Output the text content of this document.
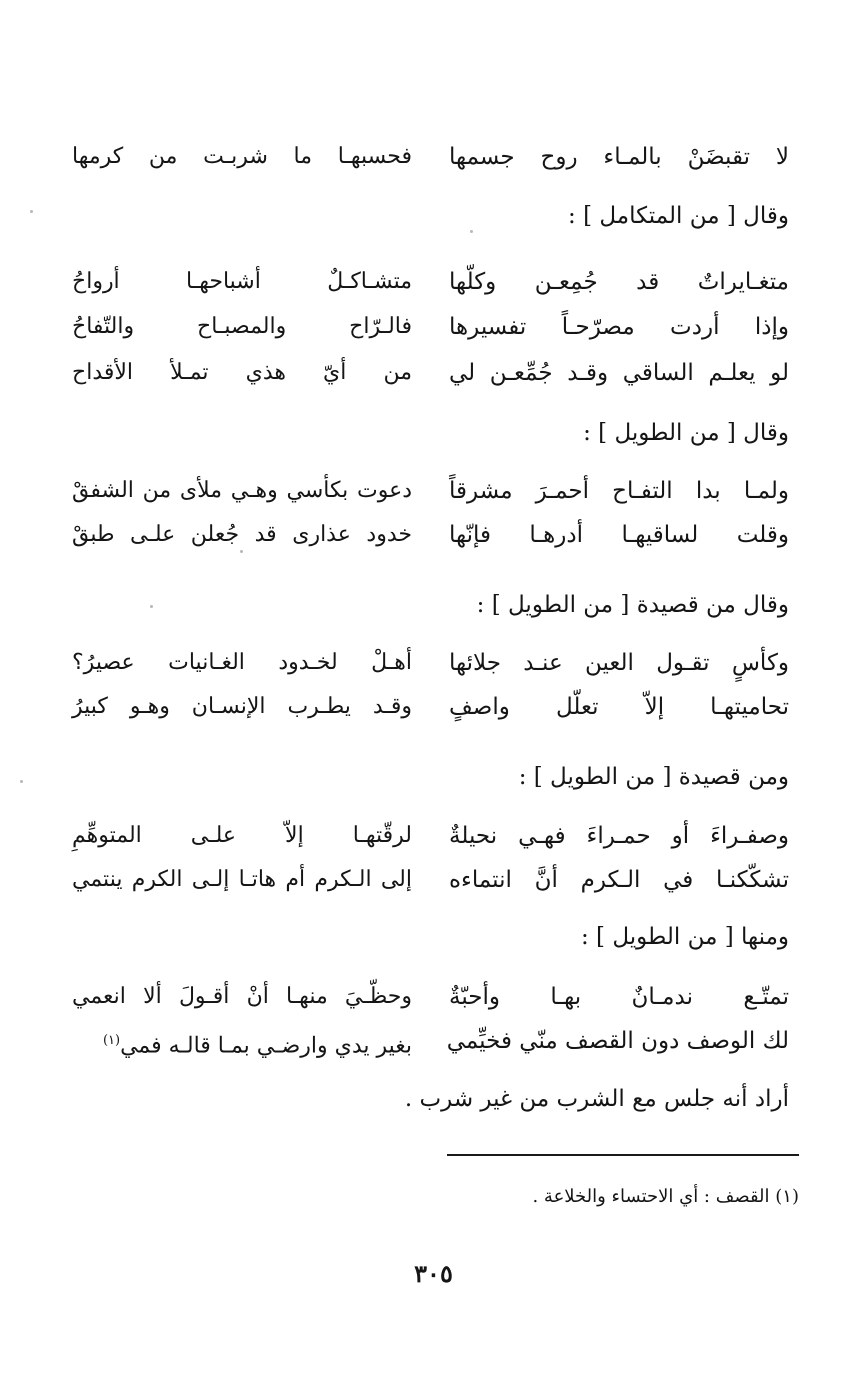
لا تقبضَنْ بالمـاء روح جسمها
فحسبهـا ما شربـت من كرمها
وقال [ من المتكامل ] :
متغـايراتٌ قد جُمِعـن وكلّها
متشـاكـلٌ أشباحهـا أرواحُ
وإذا أردت مصرّحـاً تفسيرها
فالـرّاح والمصبـاح والتّفاحُ
لو يعلـم الساقي وقـد جُمِّعـن لي
من أيّ هذي تمـلأ الأقداح
وقال [ من الطويل ] :
ولمـا بدا التفـاح أحمـرَ مشرقاً
دعوت بكأسي وهـي ملأى من الشفقْ
وقلت لساقيهـا أدرهـا فإنّها
خدود عذارى قد جُعلن علـى طبقْ
وقال من قصيدة [ من الطويل ] :
وكأسٍ تقـول العين عنـد جلائها
أهـلْ لخـدود الغـانيات عصيرُ؟
تحاميتهـا إلاّ تعلّل واصفٍ
وقـد يطـرب الإنسـان وهـو كبيرُ
ومن قصيدة [ من الطويل ] :
وصفـراءَ أو حمـراءَ فهـي نحيلةٌ
لرقّتهـا إلاّ علـى المتوهِّمِ
تشكّكنـا في الـكرم أنَّ انتماءه
إلى الـكرم أم هاتـا إلـى الكرم ينتمي
ومنها [ من الطويل ] :
تمتّـع ندمـانٌ بهـا وأحبّةٌ
وحظّـيَ منهـا أنْ أقـولَ ألا انعمي
لك الوصف دون القصف منّي فخيِّمي
بغير يدي وارضـي بمـا قالـه فمي$^{(١)}$
أراد أنه جلس مع الشرب من غير شرب .
(١) القصف : أي الاحتساء والخلاعة .
٣٠٥
